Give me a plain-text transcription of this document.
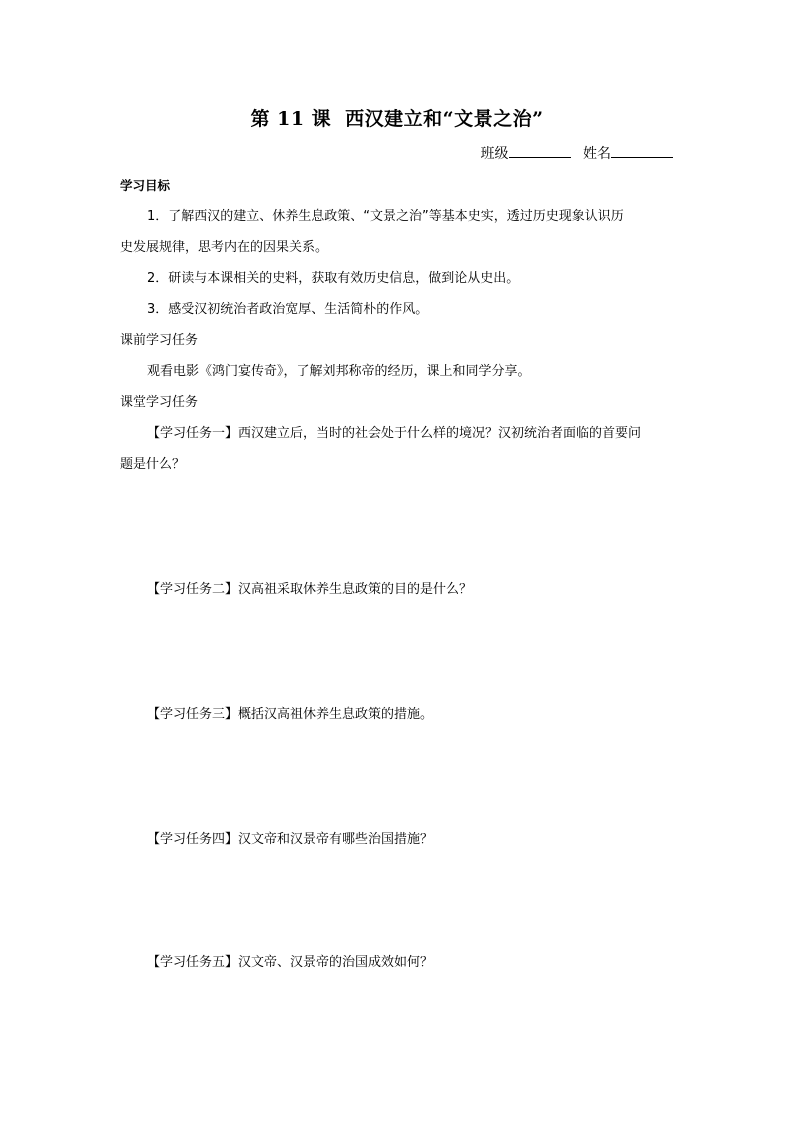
第 11 课 西汉建立和“文景之治”
班级	姓名
学习目标
1．了解西汉的建立、休养生息政策、“文景之治”等基本史实，透过历史现象认识历
史发展规律，思考内在的因果关系。
2．研读与本课相关的史料，获取有效历史信息，做到论从史出。
3．感受汉初统治者政治宽厚、生活简朴的作风。
课前学习任务
观看电影《鸿门宴传奇》，了解刘邦称帝的经历，课上和同学分享。
课堂学习任务
【学习任务一】西汉建立后，当时的社会处于什么样的境况？汉初统治者面临的首要问
题是什么？
【学习任务二】汉高祖采取休养生息政策的目的是什么？
【学习任务三】概括汉高祖休养生息政策的措施。
【学习任务四】汉文帝和汉景帝有哪些治国措施？
【学习任务五】汉文帝、汉景帝的治国成效如何？
